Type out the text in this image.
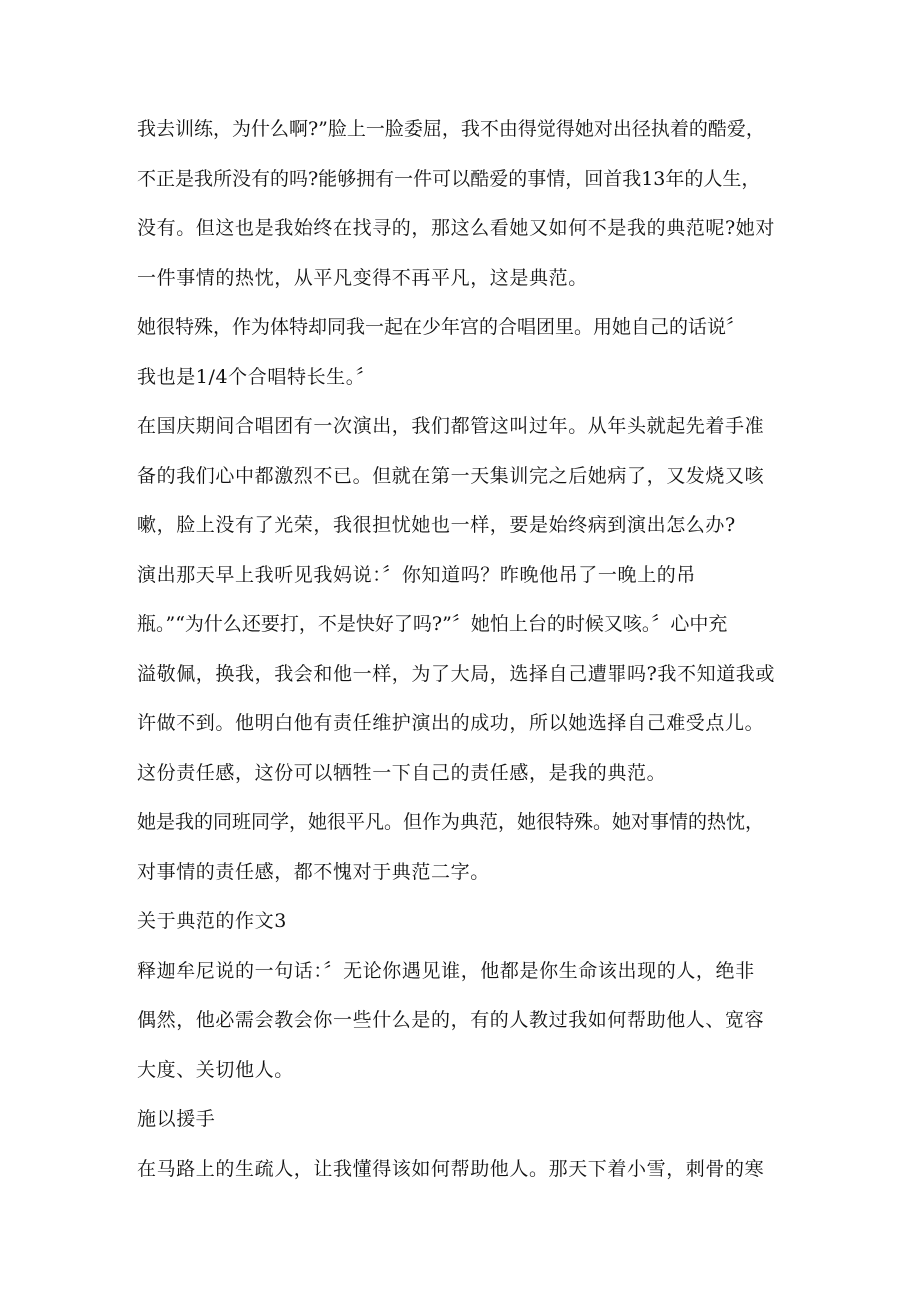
我去训练，为什么啊?”脸上一脸委屈，我不由得觉得她对出径执着的酷爱，
不正是我所没有的吗?能够拥有一件可以酷爱的事情，回首我13年的人生，
没有。但这也是我始终在找寻的，那这么看她又如何不是我的典范呢?她对
一件事情的热忱，从平凡变得不再平凡，这是典范。
她很特殊，作为体特却同我一起在少年宫的合唱团里。用她自己的话说〞
我也是1/4个合唱特长生。〞
在国庆期间合唱团有一次演出，我们都管这叫过年。从年头就起先着手准
备的我们心中都激烈不已。但就在第一天集训完之后她病了，又发烧又咳
嗽，脸上没有了光荣，我很担忧她也一样，要是始终病到演出怎么办?
演出那天早上我听见我妈说：〞你知道吗？昨晚他吊了一晚上的吊
瓶。”“为什么还要打，不是快好了吗?”〞她怕上台的时候又咳。〞心中充
溢敬佩，换我，我会和他一样，为了大局，选择自己遭罪吗?我不知道我或
许做不到。他明白他有责任维护演出的成功，所以她选择自己难受点儿。
这份责任感，这份可以牺牲一下自己的责任感，是我的典范。
她是我的同班同学，她很平凡。但作为典范，她很特殊。她对事情的热忱，
对事情的责任感，都不愧对于典范二字。
关于典范的作文3
释迦牟尼说的一句话：〞无论你遇见谁，他都是你生命该出现的人，绝非
偶然，他必需会教会你一些什么是的，有的人教过我如何帮助他人、宽容
大度、关切他人。
施以援手
在马路上的生疏人，让我懂得该如何帮助他人。那天下着小雪，刺骨的寒
